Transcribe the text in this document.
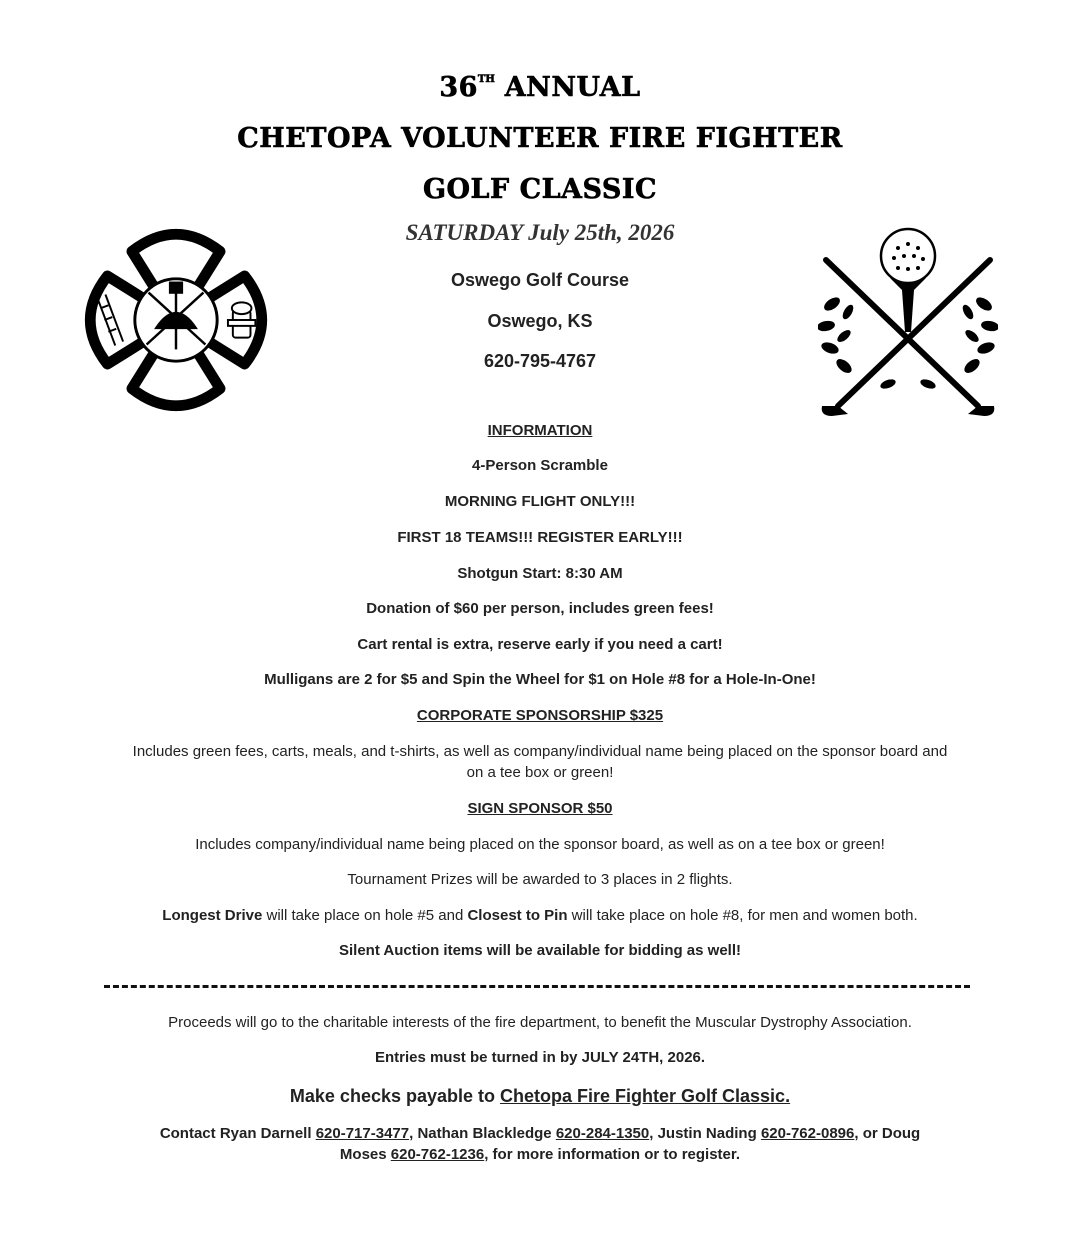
36TH ANNUAL
CHETOPA VOLUNTEER FIRE FIGHTER
GOLF CLASSIC
SATURDAY July 25th, 2026
Oswego Golf Course
Oswego, KS
620-795-4767
INFORMATION
4-Person Scramble
MORNING FLIGHT ONLY!!!
FIRST 18 TEAMS!!! REGISTER EARLY!!!
Shotgun Start: 8:30 AM
Donation of $60 per person, includes green fees!
Cart rental is extra, reserve early if you need a cart!
Mulligans are 2 for $5 and Spin the Wheel for $1 on Hole #8 for a Hole-In-One!
CORPORATE SPONSORSHIP $325
Includes green fees, carts, meals, and t-shirts, as well as company/individual name being placed on the sponsor board and on a tee box or green!
SIGN SPONSOR $50
Includes company/individual name being placed on the sponsor board, as well as on a tee box or green!
Tournament Prizes will be awarded to 3 places in 2 flights.
Longest Drive will take place on hole #5 and Closest to Pin will take place on hole #8, for men and women both.
Silent Auction items will be available for bidding as well!
Proceeds will go to the charitable interests of the fire department, to benefit the Muscular Dystrophy Association.
Entries must be turned in by JULY 24TH, 2026.
Make checks payable to Chetopa Fire Fighter Golf Classic.
Contact Ryan Darnell 620-717-3477, Nathan Blackledge 620-284-1350, Justin Nading 620-762-0896, or Doug Moses 620-762-1236, for more information or to register.
